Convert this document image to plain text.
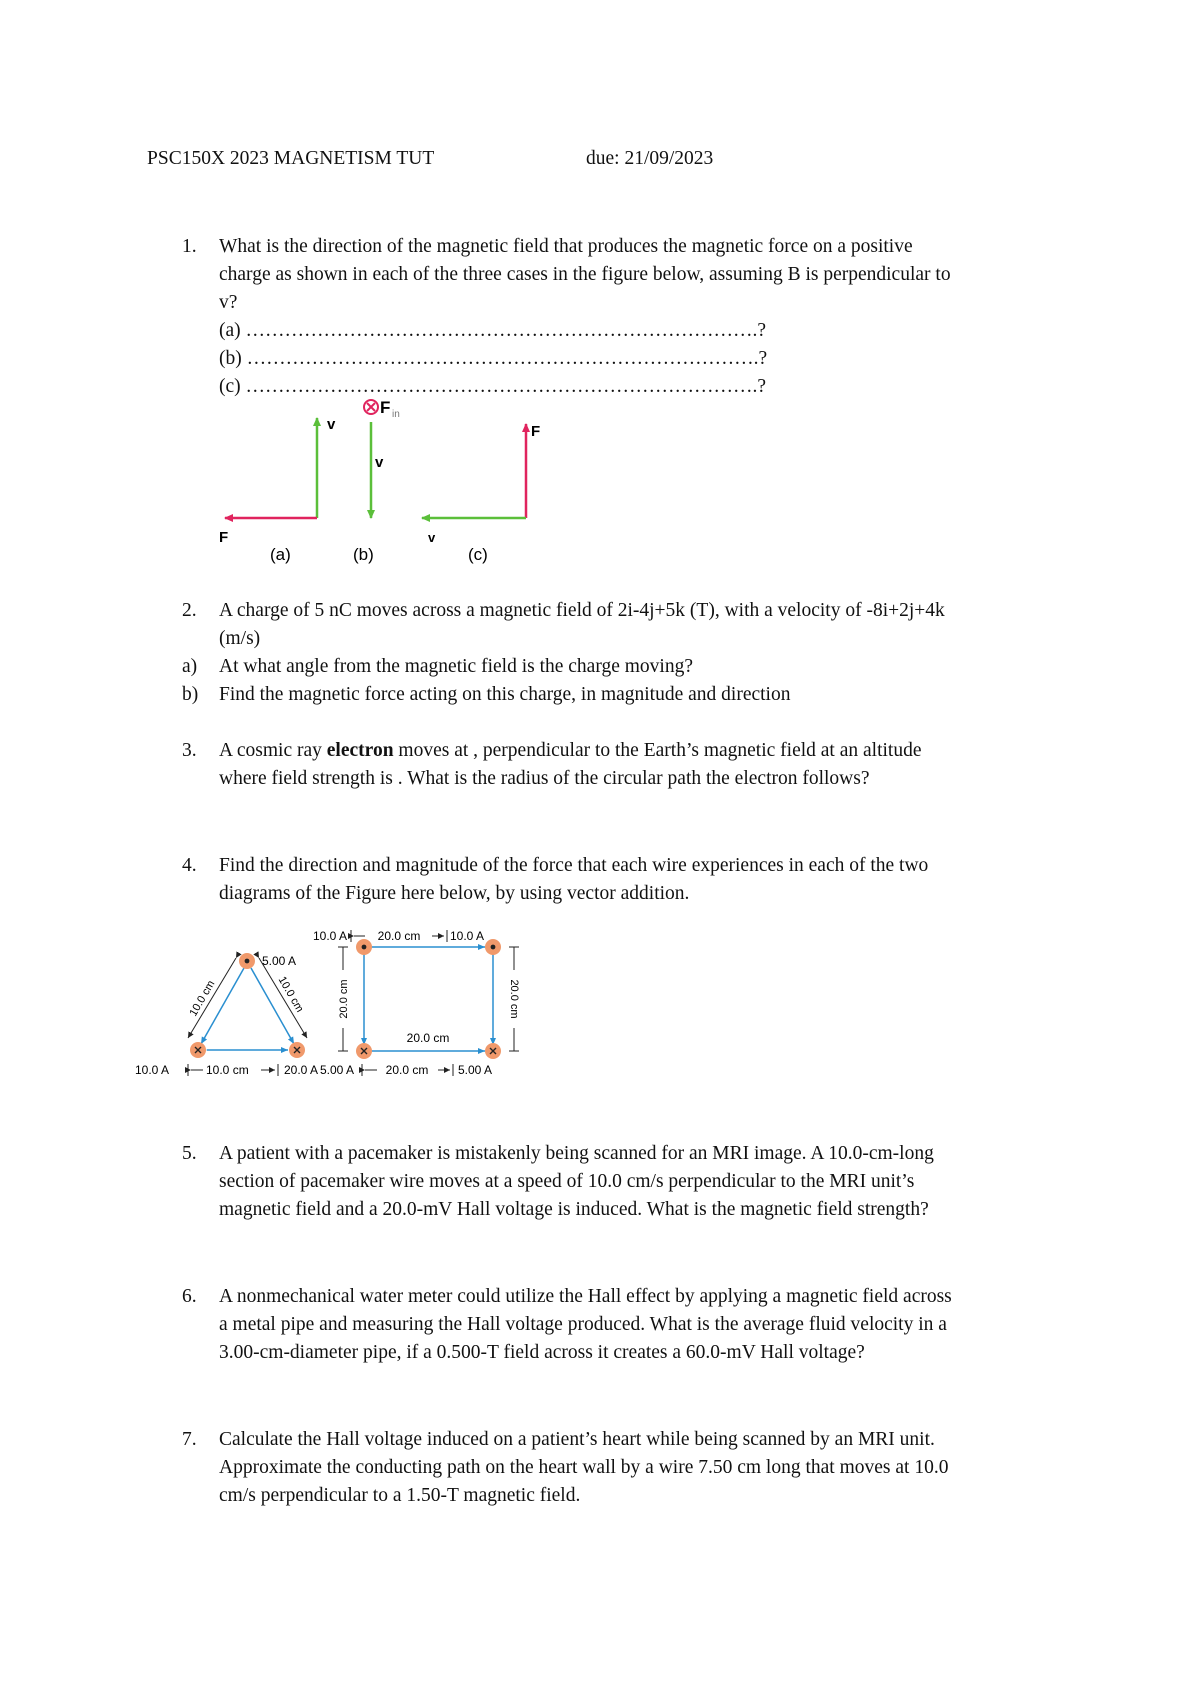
PSC150X 2023 MAGNETISM TUT	due: 21/09/2023
1. What is the direction of the magnetic field that produces the magnetic force on a positive
charge as shown in each of the three cases in the figure below, assuming B is perpendicular to
v?
(a) …………………………………………………………………….?
(b) …………………………………………………………………….?
(c) …………………………………………………………………….?
v
F
(a)
F in
v
(b)
F
v
(c)
2. A charge of 5 nC moves across a magnetic field of 2i-4j+5k (T), with a velocity of -8i+2j+4k
(m/s)
a) At what angle from the magnetic field is the charge moving?
b) Find the magnetic force acting on this charge, in magnitude and direction
3. A cosmic ray electron moves at , perpendicular to the Earth’s magnetic field at an altitude
where field strength is . What is the radius of the circular path the electron follows?
4. Find the direction and magnitude of the force that each wire experiences in each of the two
diagrams of the Figure here below, by using vector addition.
10.0 cm	10.0 cm
5.00 A
10.0 A	10.0 cm	20.0 A
20.0 cm
10.0 A	20.0 cm 10.0 A
20.0 cm	20.0 cm
5.00 A	20.0 cm 5.00 A
5. A patient with a pacemaker is mistakenly being scanned for an MRI image. A 10.0-cm-long
section of pacemaker wire moves at a speed of 10.0 cm/s perpendicular to the MRI unit’s
magnetic field and a 20.0-mV Hall voltage is induced. What is the magnetic field strength?
6. A nonmechanical water meter could utilize the Hall effect by applying a magnetic field across
a metal pipe and measuring the Hall voltage produced. What is the average fluid velocity in a
3.00-cm-diameter pipe, if a 0.500-T field across it creates a 60.0-mV Hall voltage?
7. Calculate the Hall voltage induced on a patient’s heart while being scanned by an MRI unit.
Approximate the conducting path on the heart wall by a wire 7.50 cm long that moves at 10.0
cm/s perpendicular to a 1.50-T magnetic field.
